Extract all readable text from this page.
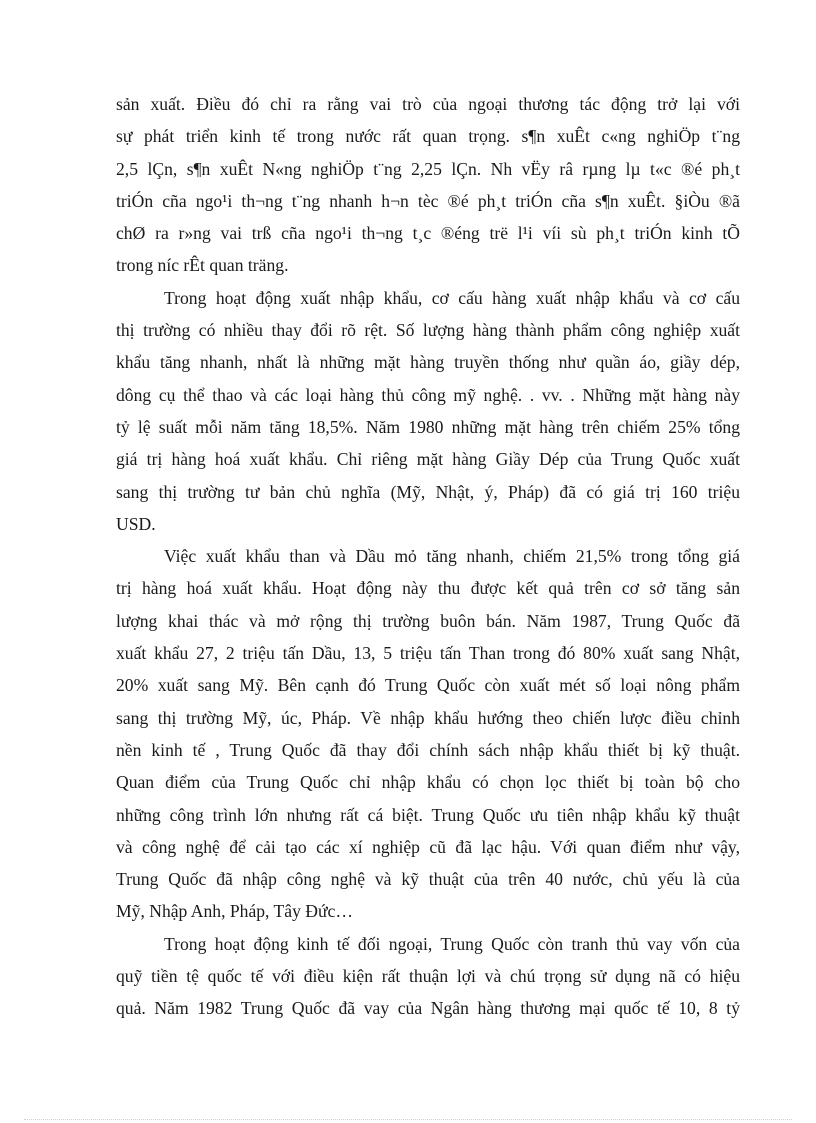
sản xuất. Điều đó chỉ ra rằng vai trò của ngoại thương tác động trở lại với
sự phát triển kinh tế trong nước rất quan trọng. s¶n xuÊt c«ng nghiÖp t¨ng
2,5 lÇn, s¶n xuÊt N«ng nghiÖp t¨ng 2,25 lÇn. Nh vËy râ rµng lµ t«c ®é ph¸t
triÓn cña ngo¹i th¬ng t¨ng nhanh h¬n tèc ®é ph¸t triÓn cña s¶n xuÊt. §iÒu ®ã
chØ ra r»ng vai trß cña ngo¹i th¬ng t¸c ®éng trë l¹i víi sù ph¸t triÓn kinh tÕ
trong níc rÊt quan träng.
Trong hoạt động xuất nhập khẩu, cơ cấu hàng xuất nhập khẩu và cơ cấu
thị trường có nhiều thay đổi rõ rệt. Số lượng hàng thành phẩm công nghiệp xuất
khẩu tăng nhanh, nhất là những mặt hàng truyền thống như quần áo, giầy dép,
dông cụ thể thao và các loại hàng thủ công mỹ nghệ. . vv. . Những mặt hàng này
tỷ lệ suất mỗi năm tăng 18,5%. Năm 1980 những mặt hàng trên chiếm 25% tổng
giá trị hàng hoá xuất khẩu. Chỉ riêng mặt hàng Giầy Dép của Trung Quốc xuất
sang thị trường tư bản chủ nghĩa (Mỹ, Nhật, ý, Pháp) đã có giá trị 160 triệu
USD.
Việc xuất khẩu than và Dầu mỏ tăng nhanh, chiếm 21,5% trong tổng giá
trị hàng hoá xuất khẩu. Hoạt động này thu được kết quả trên cơ sở tăng sản
lượng khai thác và mở rộng thị trường buôn bán. Năm 1987, Trung Quốc đã
xuất khẩu 27, 2 triệu tấn Dầu, 13, 5 triệu tấn Than trong đó 80% xuất sang Nhật,
20% xuất sang Mỹ. Bên cạnh đó Trung Quốc còn xuất mét số loại nông phẩm
sang thị trường Mỹ, úc, Pháp. Về nhập khẩu hướng theo chiến lược điều chỉnh
nền kinh tế , Trung Quốc đã thay đổi chính sách nhập khẩu thiết bị kỹ thuật.
Quan điểm của Trung Quốc chỉ nhập khẩu có chọn lọc thiết bị toàn bộ cho
những công trình lớn nhưng rất cá biệt. Trung Quốc ưu tiên nhập khẩu kỹ thuật
và công nghệ để cải tạo các xí nghiệp cũ đã lạc hậu. Với quan điểm như vậy,
Trung Quốc đã nhập công nghệ và kỹ thuật của trên 40 nước, chủ yếu là của
Mỹ, Nhập Anh, Pháp, Tây Đức…
Trong hoạt động kinh tế đối ngoại, Trung Quốc còn tranh thủ vay vốn của
quỹ tiền tệ quốc tế với điều kiện rất thuận lợi và chú trọng sử dụng nã có hiệu
quả. Năm 1982 Trung Quốc đã vay của Ngân hàng thương mại quốc tế 10, 8 tỷ
